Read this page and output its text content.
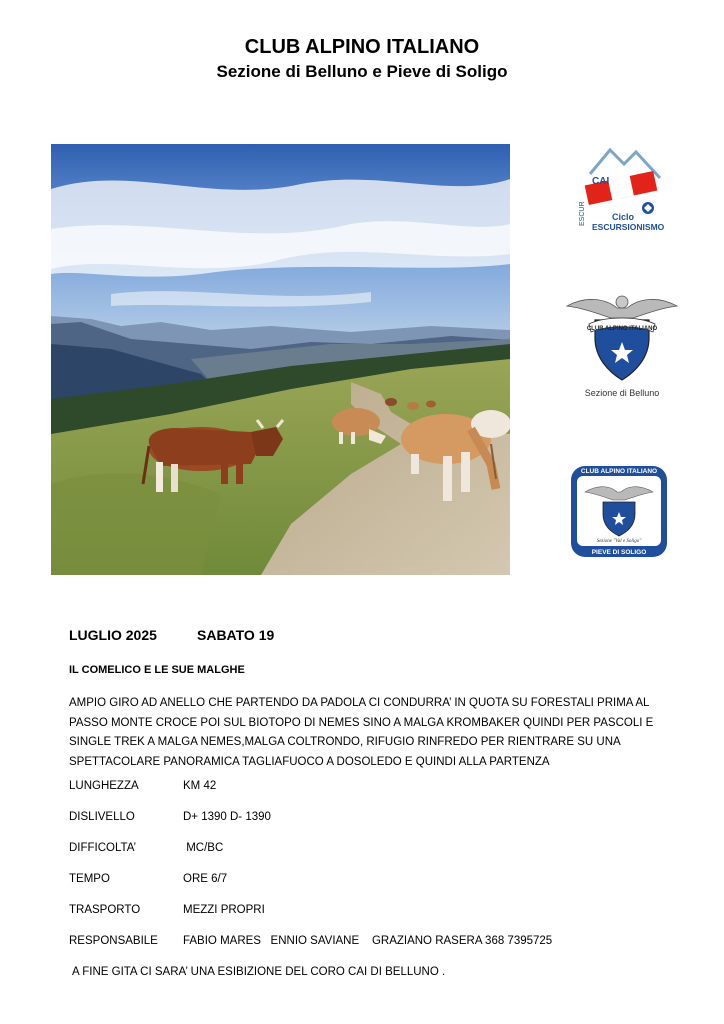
CLUB ALPINO ITALIANO
Sezione di Belluno e Pieve di Soligo
CAI
ESCUR	Ciclo
ESCURSIONISMO
CLUB ALPINO ITALIANO
Sezione di Belluno
CLUB ALPINO ITALIANO
Sezione "Val e Soligo"
PIEVE DI SOLIGO
LUGLIO 2025	SABATO 19
IL COMELICO E LE SUE MALGHE
AMPIO GIRO AD ANELLO CHE PARTENDO DA PADOLA CI CONDURRA’ IN QUOTA SU FORESTALI PRIMA AL
PASSO MONTE CROCE POI SUL BIOTOPO DI NEMES SINO A MALGA KROMBAKER QUINDI PER PASCOLI E
SINGLE TREK A MALGA NEMES,MALGA COLTRONDO, RIFUGIO RINFREDO PER RIENTRARE SU UNA
SPETTACOLARE PANORAMICA TAGLIAFUOCO A DOSOLEDO E QUINDI ALLA PARTENZA
LUNGHEZZA	KM 42
DISLIVELLO	D+ 1390 D- 1390
DIFFICOLTA’	MC/BC
TEMPO	ORE 6/7
TRASPORTO	MEZZI PROPRI
RESPONSABILE FABIO MARES   ENNIO SAVIANE    GRAZIANO RASERA 368 7395725
A FINE GITA CI SARA’ UNA ESIBIZIONE DEL CORO CAI DI BELLUNO .
